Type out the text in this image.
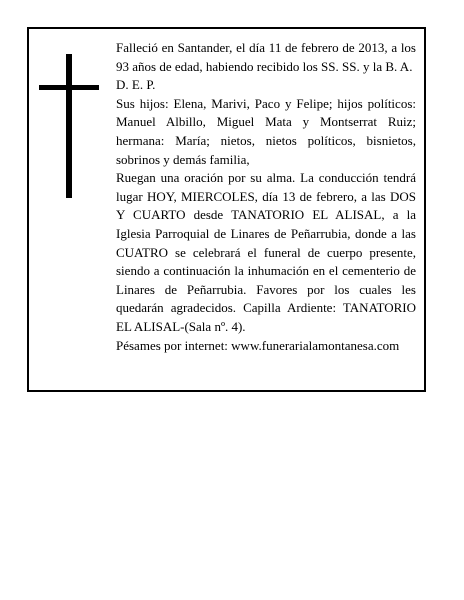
Falleció en Santander, el día 11 de febrero de 2013, a los 93 años de edad, habiendo recibido los SS. SS. y la B. A.

D. E. P.

Sus hijos: Elena, Marivi, Paco y Felipe; hijos políticos: Manuel Albillo, Miguel Mata y Montserrat Ruiz; hermana: María; nietos, nietos políticos, bisnietos, sobrinos y demás familia,

Ruegan una oración por su alma. La conducción tendrá lugar HOY, MIERCOLES, día 13 de febrero, a las DOS Y CUARTO desde TANATORIO EL ALISAL, a la Iglesia Parroquial de Linares de Peñarrubia, donde a las CUATRO se celebrará el funeral de cuerpo presente, siendo a continuación la inhumación en el cementerio de Linares de Peñarrubia. Favores por los cuales les quedarán agradecidos. Capilla Ardiente: TANATORIO EL ALISAL-(Sala nº. 4).

Pésames por internet: www.funerarialamontanesa.com
